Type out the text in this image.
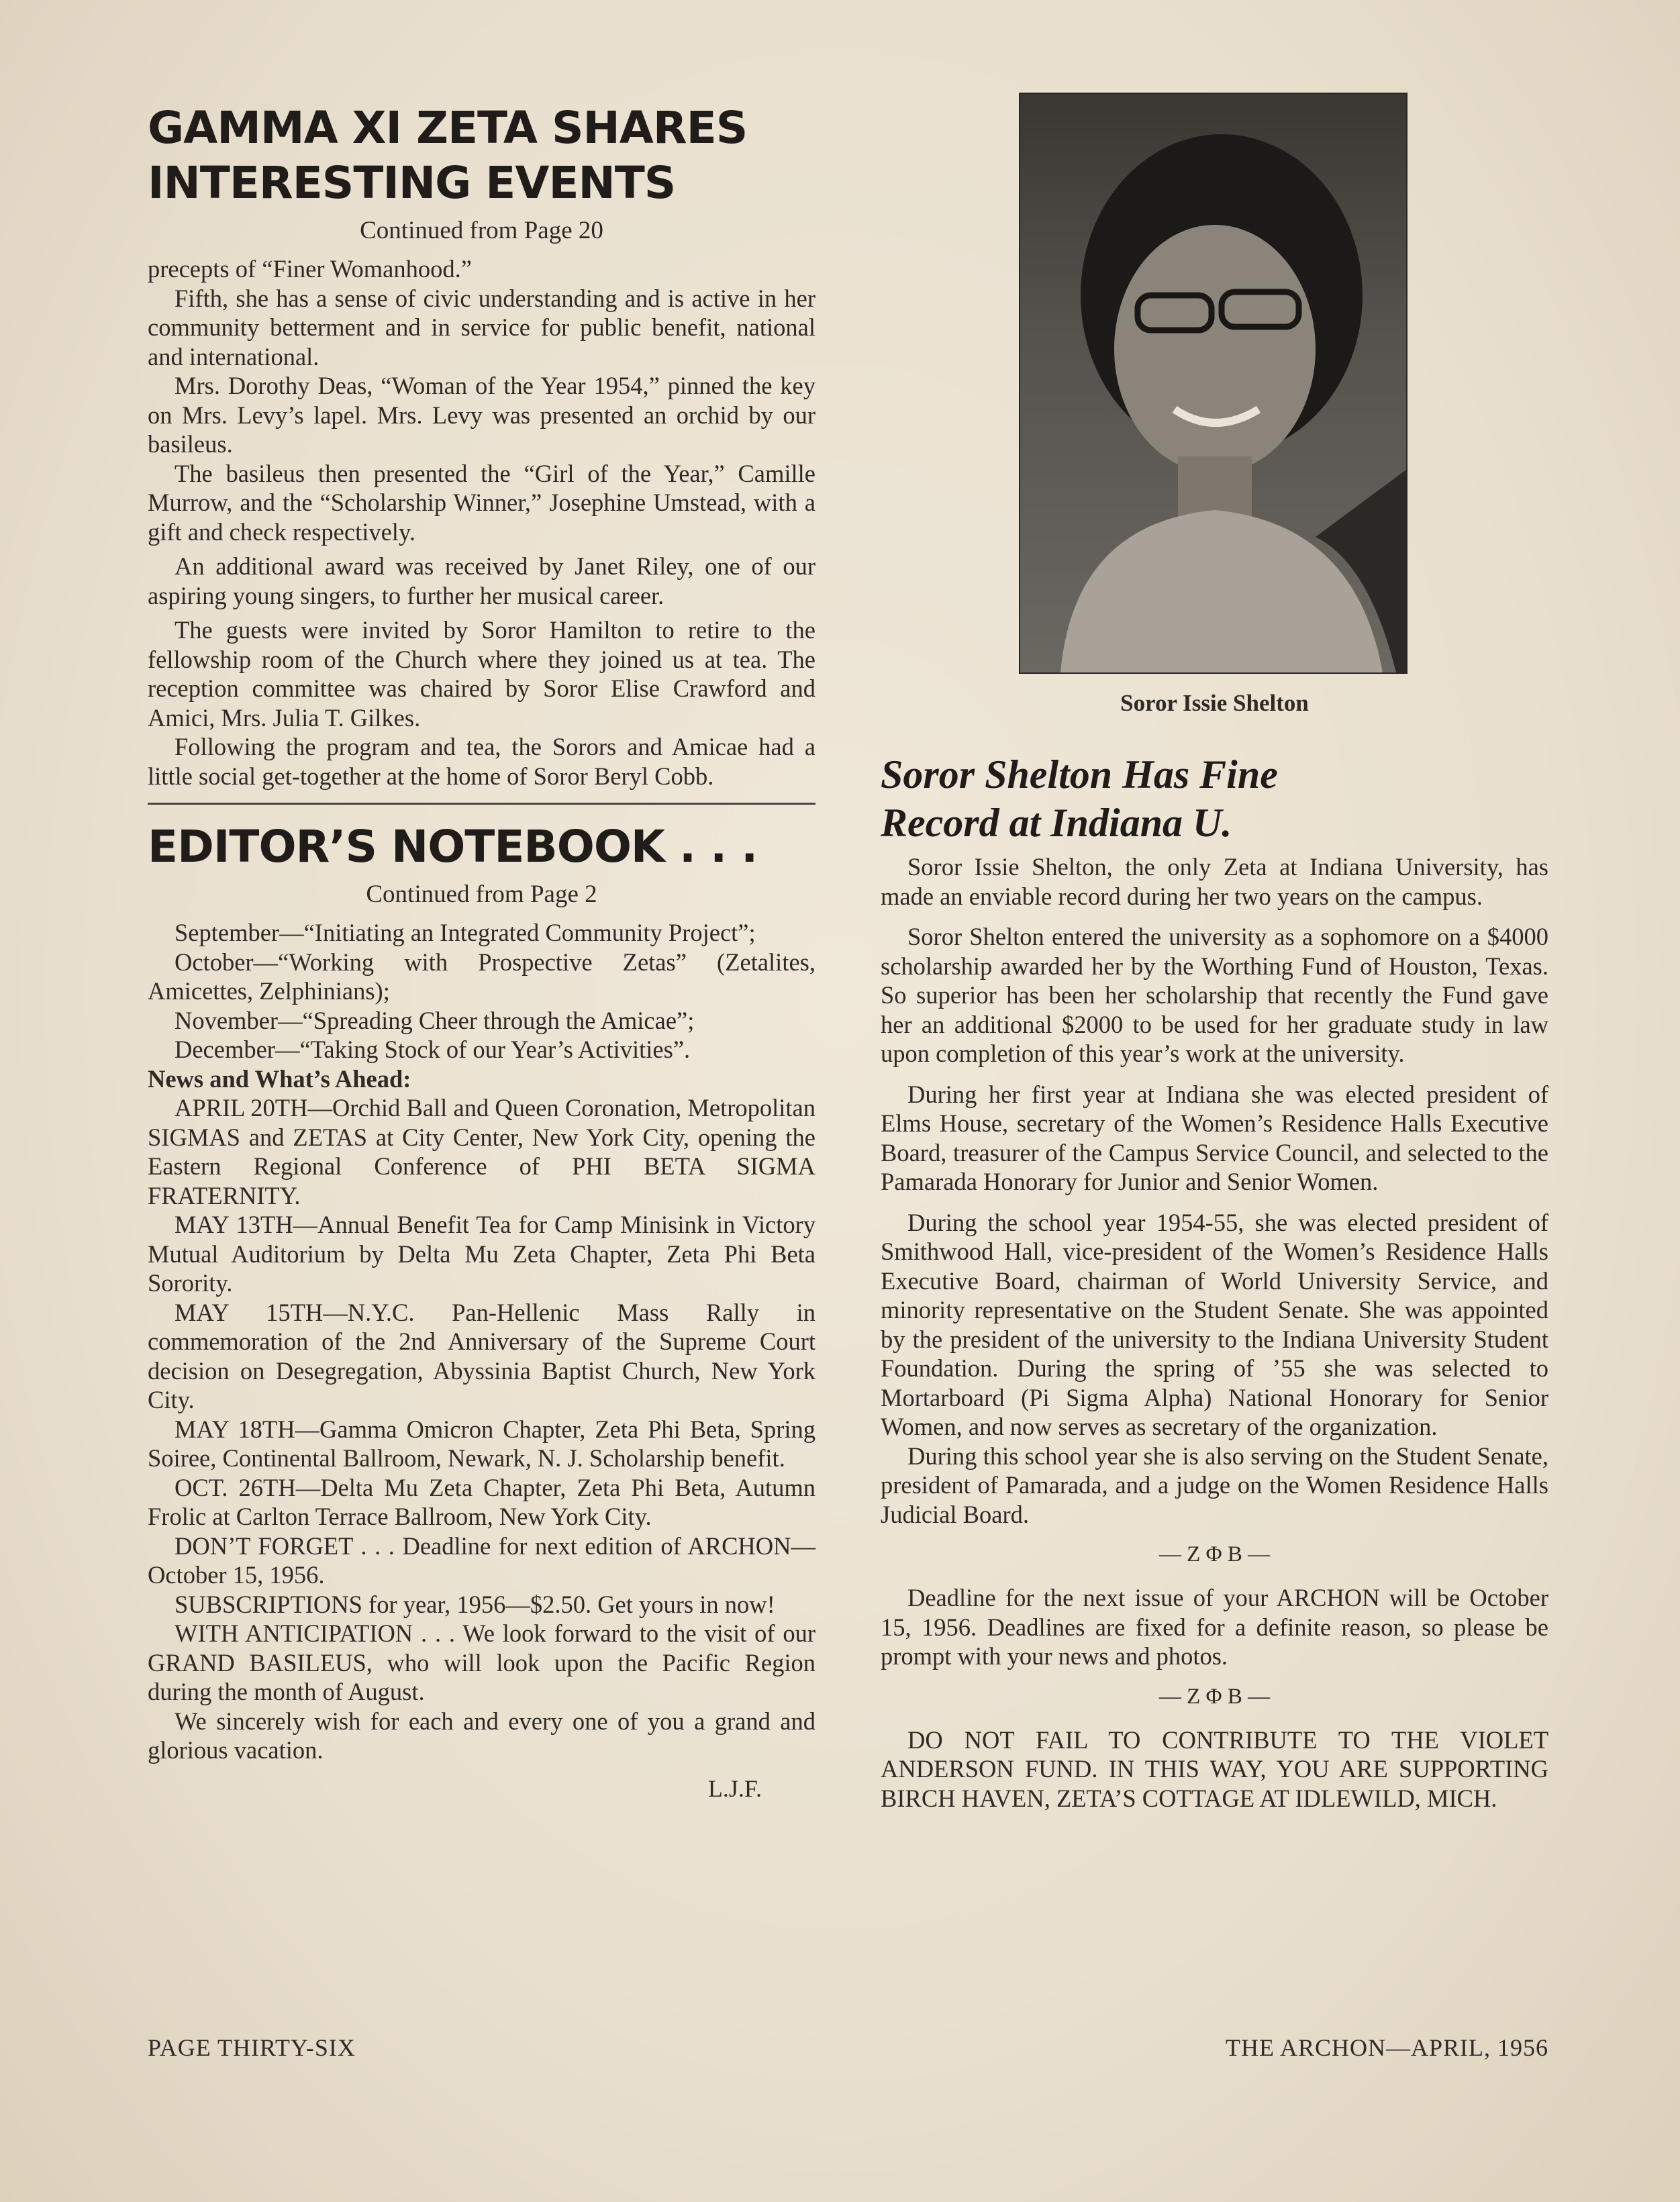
GAMMA XI ZETA SHARES
INTERESTING EVENTS
Continued from Page 20

precepts of “Finer Womanhood.”

Fifth, she has a sense of civic understanding and is active in her community betterment and in service for public benefit, national and international.

Mrs. Dorothy Deas, “Woman of the Year 1954,” pinned the key on Mrs. Levy’s lapel. Mrs. Levy was presented an orchid by our basileus.

The basileus then presented the “Girl of the Year,” Camille Murrow, and the “Scholarship Winner,” Josephine Umstead, with a gift and check respectively.

An additional award was received by Janet Riley, one of our aspiring young singers, to further her musical career.

The guests were invited by Soror Hamilton to retire to the fellowship room of the Church where they joined us at tea. The reception committee was chaired by Soror Elise Crawford and Amici, Mrs. Julia T. Gilkes.

Following the program and tea, the Sorors and Amicae had a little social get-together at the home of Soror Beryl Cobb.

EDITOR’S NOTEBOOK . . .
Continued from Page 2

September—“Initiating an Integrated Community Project”;

October—“Working with Prospective Zetas” (Zetalites, Amicettes, Zelphinians);

November—“Spreading Cheer through the Amicae”;

December—“Taking Stock of our Year’s Activities”.

News and What’s Ahead:

APRIL 20TH—Orchid Ball and Queen Coronation, Metropolitan SIGMAS and ZETAS at City Center, New York City, opening the Eastern Regional Conference of PHI BETA SIGMA FRATERNITY.

MAY 13TH—Annual Benefit Tea for Camp Minisink in Victory Mutual Auditorium by Delta Mu Zeta Chapter, Zeta Phi Beta Sorority.

MAY 15TH—N.Y.C. Pan-Hellenic Mass Rally in commemoration of the 2nd Anniversary of the Supreme Court decision on Desegregation, Abyssinia Baptist Church, New York City.

MAY 18TH—Gamma Omicron Chapter, Zeta Phi Beta, Spring Soiree, Continental Ballroom, Newark, N. J. Scholarship benefit.

OCT. 26TH—Delta Mu Zeta Chapter, Zeta Phi Beta, Autumn Frolic at Carlton Terrace Ballroom, New York City.

DON’T FORGET . . . Deadline for next edition of ARCHON—October 15, 1956.

SUBSCRIPTIONS for year, 1956—$2.50. Get yours in now!

WITH ANTICIPATION . . . We look forward to the visit of our GRAND BASILEUS, who will look upon the Pacific Region during the month of August.

We sincerely wish for each and every one of you a grand and glorious vacation.

L.J.F.
Soror Issie Shelton
Soror Shelton Has Fine
Record at Indiana U.

Soror Issie Shelton, the only Zeta at Indiana University, has made an enviable record during her two years on the campus.

Soror Shelton entered the university as a sophomore on a $4000 scholarship awarded her by the Worthing Fund of Houston, Texas. So superior has been her scholarship that recently the Fund gave her an additional $2000 to be used for her graduate study in law upon completion of this year’s work at the university.

During her first year at Indiana she was elected president of Elms House, secretary of the Women’s Residence Halls Executive Board, treasurer of the Campus Service Council, and selected to the Pamarada Honorary for Junior and Senior Women.

During the school year 1954-55, she was elected president of Smithwood Hall, vice-president of the Women’s Residence Halls Executive Board, chairman of World University Service, and minority representative on the Student Senate. She was appointed by the president of the university to the Indiana University Student Foundation. During the spring of ’55 she was selected to Mortarboard (Pi Sigma Alpha) National Honorary for Senior Women, and now serves as secretary of the organization.

During this school year she is also serving on the Student Senate, president of Pamarada, and a judge on the Women Residence Halls Judicial Board.

— Z Φ B —

Deadline for the next issue of your ARCHON will be October 15, 1956. Deadlines are fixed for a definite reason, so please be prompt with your news and photos.

— Z Φ B —

DO NOT FAIL TO CONTRIBUTE TO THE VIOLET ANDERSON FUND. IN THIS WAY, YOU ARE SUPPORTING BIRCH HAVEN, ZETA’S COTTAGE AT IDLEWILD, MICH.

PAGE THIRTY-SIX	THE ARCHON—APRIL, 1956
